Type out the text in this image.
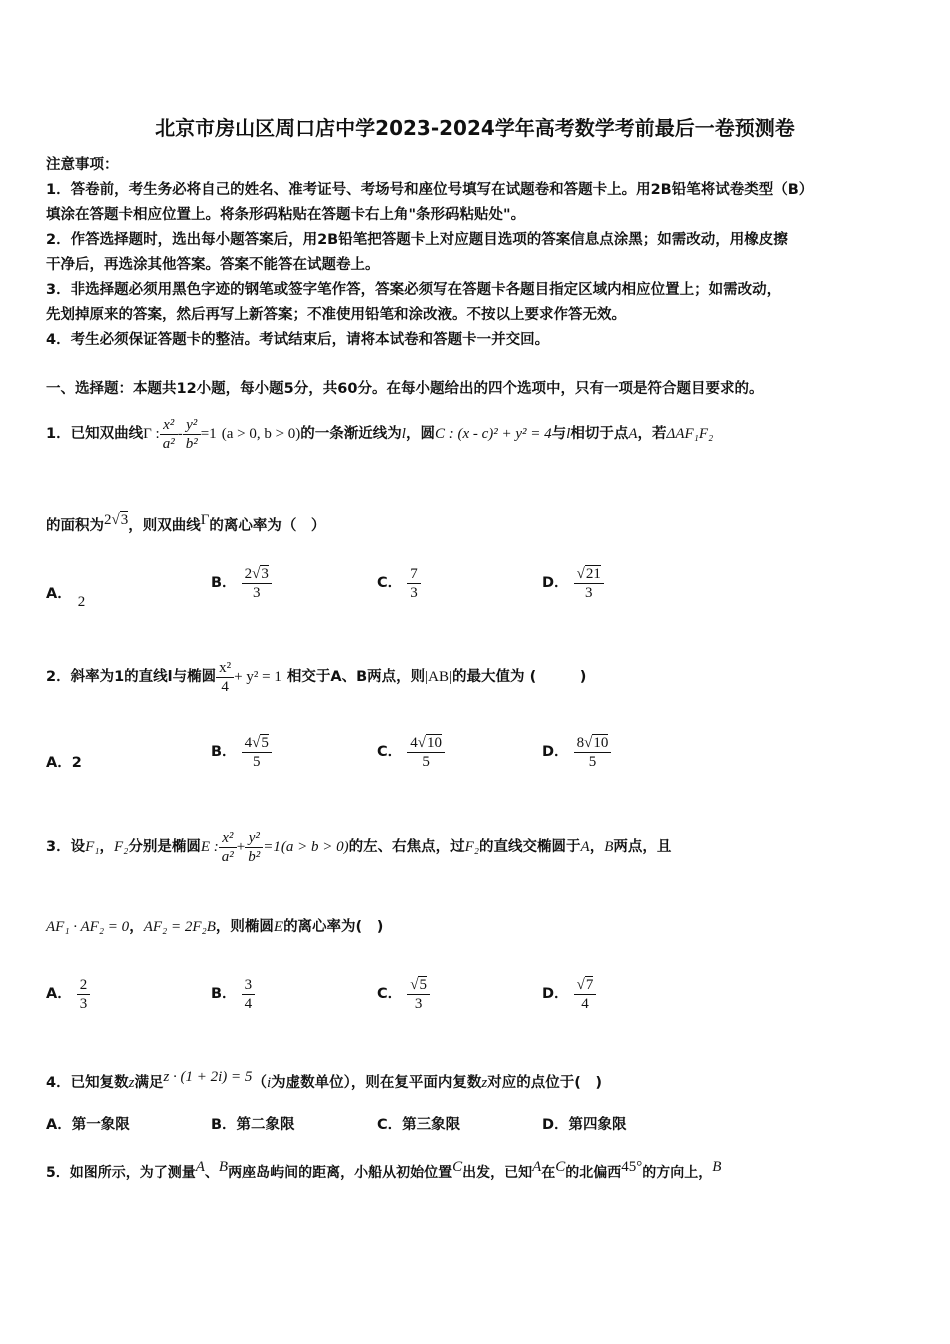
北京市房山区周口店中学2023-2024学年高考数学考前最后一卷预测卷
注意事项：
1．答卷前，考生务必将自己的姓名、准考证号、考场号和座位号填写在试题卷和答题卡上。用2B铅笔将试卷类型（B）
填涂在答题卡相应位置上。将条形码粘贴在答题卡右上角"条形码粘贴处"。
2．作答选择题时，选出每小题答案后，用2B铅笔把答题卡上对应题目选项的答案信息点涂黑；如需改动，用橡皮擦
干净后，再选涂其他答案。答案不能答在试题卷上。
3．非选择题必须用黑色字迹的钢笔或签字笔作答，答案必须写在答题卡各题目指定区域内相应位置上；如需改动，
先划掉原来的答案，然后再写上新答案；不准使用铅笔和涂改液。不按以上要求作答无效。
4．考生必须保证答题卡的整洁。考试结束后，请将本试卷和答题卡一并交回。
一、选择题：本题共12小题，每小题5分，共60分。在每小题给出的四个选项中，只有一项是符合题目要求的。
1．已知双曲线Γ : $\frac{\text{x²}}{\text{a²}} - \frac{\text{y²}}{\text{b²}} =1$ (a > 0, b > 0)的一条渐近线为l，圆C : (x - c)² + y² = 4与l相切于点A，若ΔAF₁F₂
的面积为2√3，则双曲线Γ的离心率为（　）
A． 2
B． $\frac{2√3}{3}$	C． $\frac{7}{3}$	D． $\frac{√21}{3}$
2．斜率为1的直线l与椭圆 $\frac{\text{x²}}{4} + y^2 = 1$ 相交于A、B两点，则|AB|的最大值为 (　　　)
A．2
B． $\frac{4√5}{5}$	C． $\frac{4√10}{5}$	D． $\frac{8√10}{5}$
3．设F₁，F₂分别是椭圆E : $\frac{\text{x²}}{\text{a²}} + \frac{\text{y²}}{\text{b²}} =1(a > b > 0)$的左、右焦点，过F₂的直线交椭圆于A，B两点，且
AF₁ · AF₂ = 0，AF₂ = 2F₂B，则椭圆E的离心率为(　)
A． $\frac{2}{3}$	B． $\frac{3}{4}$	C． $\frac{√5}{3}$	D． $\frac{√7}{4}$
4．已知复数z满足z · (1 + 2i) = 5（i为虚数单位），则在复平面内复数z对应的点位于(　)
A．第一象限	B．第二象限	C．第三象限	D．第四象限
5．如图所示，为了测量A、B两座岛屿间的距离，小船从初始位置C出发，已知A在C的北偏西45°的方向上，B
